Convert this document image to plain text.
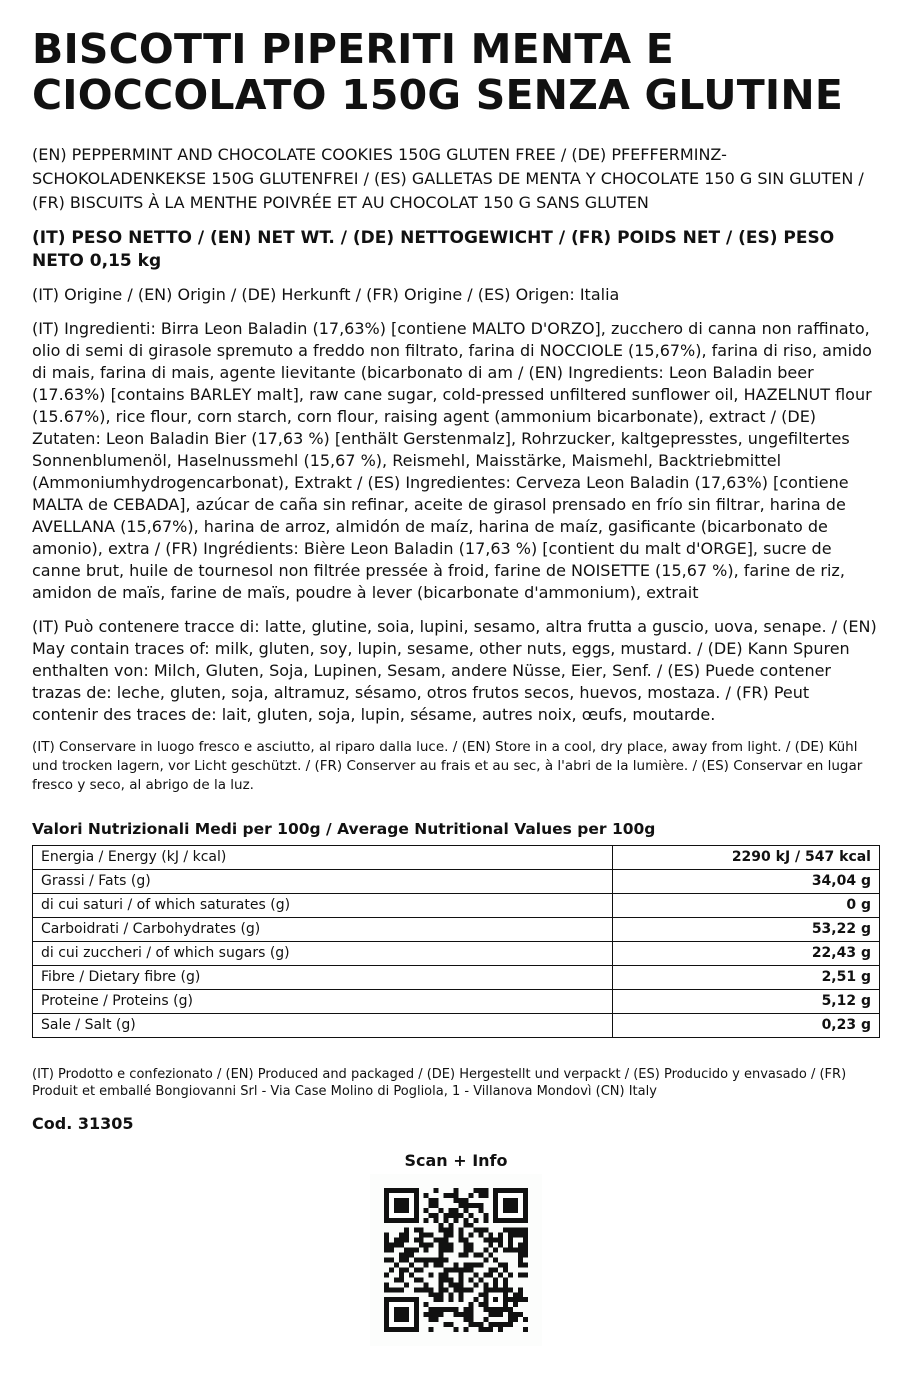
BISCOTTI PIPERITI MENTA E CIOCCOLATO 150G SENZA GLUTINE
(EN) PEPPERMINT AND CHOCOLATE COOKIES 150G GLUTEN FREE / (DE) PFEFFERMINZ-SCHOKOLADENKEKSE 150G GLUTENFREI / (ES) GALLETAS DE MENTA Y CHOCOLATE 150 G SIN GLUTEN / (FR) BISCUITS À LA MENTHE POIVRÉE ET AU CHOCOLAT 150 G SANS GLUTEN
(IT) PESO NETTO / (EN) NET WT. / (DE) NETTOGEWICHT / (FR) POIDS NET / (ES) PESO NETO 0,15 kg
(IT) Origine / (EN) Origin / (DE) Herkunft / (FR) Origine / (ES) Origen: Italia
(IT) Ingredienti: Birra Leon Baladin (17,63%) [contiene MALTO D'ORZO], zucchero di canna non raffinato, olio di semi di girasole spremuto a freddo non filtrato, farina di NOCCIOLE (15,67%), farina di riso, amido di mais, farina di mais, agente lievitante (bicarbonato di am / (EN) Ingredients: Leon Baladin beer (17.63%) [contains BARLEY malt], raw cane sugar, cold-pressed unfiltered sunflower oil, HAZELNUT flour (15.67%), rice flour, corn starch, corn flour, raising agent (ammonium bicarbonate), extract / (DE) Zutaten: Leon Baladin Bier (17,63 %) [enthält Gerstenmalz], Rohrzucker, kaltgepresstes, ungefiltertes Sonnenblumenöl, Haselnussmehl (15,67 %), Reismehl, Maisstärke, Maismehl, Backtriebmittel (Ammoniumhydrogencarbonat), Extrakt / (ES) Ingredientes: Cerveza Leon Baladin (17,63%) [contiene MALTA de CEBADA], azúcar de caña sin refinar, aceite de girasol prensado en frío sin filtrar, harina de AVELLANA (15,67%), harina de arroz, almidón de maíz, harina de maíz, gasificante (bicarbonato de amonio), extra / (FR) Ingrédients: Bière Leon Baladin (17,63 %) [contient du malt d'ORGE], sucre de canne brut, huile de tournesol non filtrée pressée à froid, farine de NOISETTE (15,67 %), farine de riz, amidon de maïs, farine de maïs, poudre à lever (bicarbonate d'ammonium), extrait
(IT) Può contenere tracce di: latte, glutine, soia, lupini, sesamo, altra frutta a guscio, uova, senape. / (EN) May contain traces of: milk, gluten, soy, lupin, sesame, other nuts, eggs, mustard. / (DE) Kann Spuren enthalten von: Milch, Gluten, Soja, Lupinen, Sesam, andere Nüsse, Eier, Senf. / (ES) Puede contener trazas de: leche, gluten, soja, altramuz, sésamo, otros frutos secos, huevos, mostaza. / (FR) Peut contenir des traces de: lait, gluten, soja, lupin, sésame, autres noix, œufs, moutarde.
(IT) Conservare in luogo fresco e asciutto, al riparo dalla luce. / (EN) Store in a cool, dry place, away from light. / (DE) Kühl und trocken lagern, vor Licht geschützt. / (FR) Conserver au frais et au sec, à l'abri de la lumière. / (ES) Conservar en lugar fresco y seco, al abrigo de la luz.
Valori Nutrizionali Medi per 100g / Average Nutritional Values per 100g
Energia / Energy (kJ / kcal)	2290 kJ / 547 kcal
Grassi / Fats (g)	34,04 g
di cui saturi / of which saturates (g)	0 g
Carboidrati / Carbohydrates (g)	53,22 g
di cui zuccheri / of which sugars (g)	22,43 g
Fibre / Dietary fibre (g)	2,51 g
Proteine / Proteins (g)	5,12 g
Sale / Salt (g)	0,23 g
(IT) Prodotto e confezionato / (EN) Produced and packaged / (DE) Hergestellt und verpackt / (ES) Producido y envasado / (FR) Produit et emballé Bongiovanni Srl - Via Case Molino di Pogliola, 1 - Villanova Mondovì (CN) Italy
Cod. 31305
Scan + Info
